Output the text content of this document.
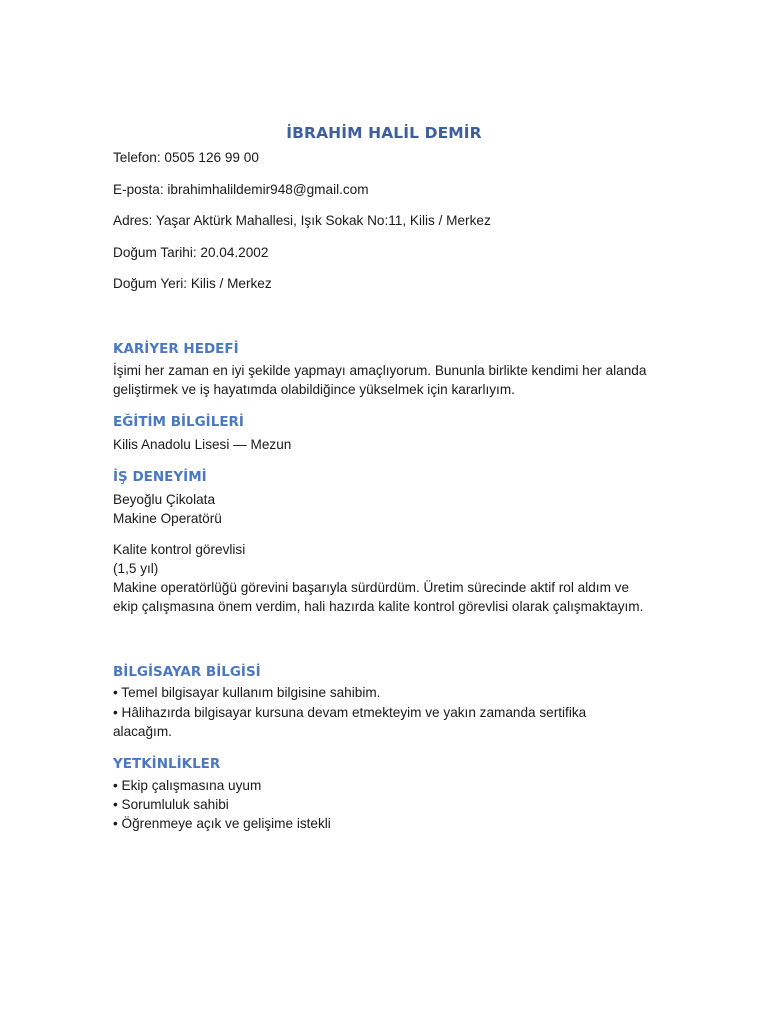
İBRAHİM HALİL DEMİR
Telefon: 0505 126 99 00
E-posta: ibrahimhalildemir948@gmail.com
Adres: Yaşar Aktürk Mahallesi, Işık Sokak No:11, Kilis / Merkez
Doğum Tarihi: 20.04.2002
Doğum Yeri: Kilis / Merkez
KARİYER HEDEFİ
İşimi her zaman en iyi şekilde yapmayı amaçlıyorum. Bununla birlikte kendimi her alanda
geliştirmek ve iş hayatımda olabildiğince yükselmek için kararlıyım.
EĞİTİM BİLGİLERİ
Kilis Anadolu Lisesi — Mezun
İŞ DENEYİMİ
Beyoğlu Çikolata
Makine Operatörü
Kalite kontrol görevlisi
(1,5 yıl)
Makine operatörlüğü görevini başarıyla sürdürdüm. Üretim sürecinde aktif rol aldım ve
ekip çalışmasına önem verdim, hali hazırda kalite kontrol görevlisi olarak çalışmaktayım.
BİLGİSAYAR BİLGİSİ
• Temel bilgisayar kullanım bilgisine sahibim.
• Hâlihazırda bilgisayar kursuna devam etmekteyim ve yakın zamanda sertifika
alacağım.
YETKİNLİKLER
• Ekip çalışmasına uyum
• Sorumluluk sahibi
• Öğrenmeye açık ve gelişime istekli
